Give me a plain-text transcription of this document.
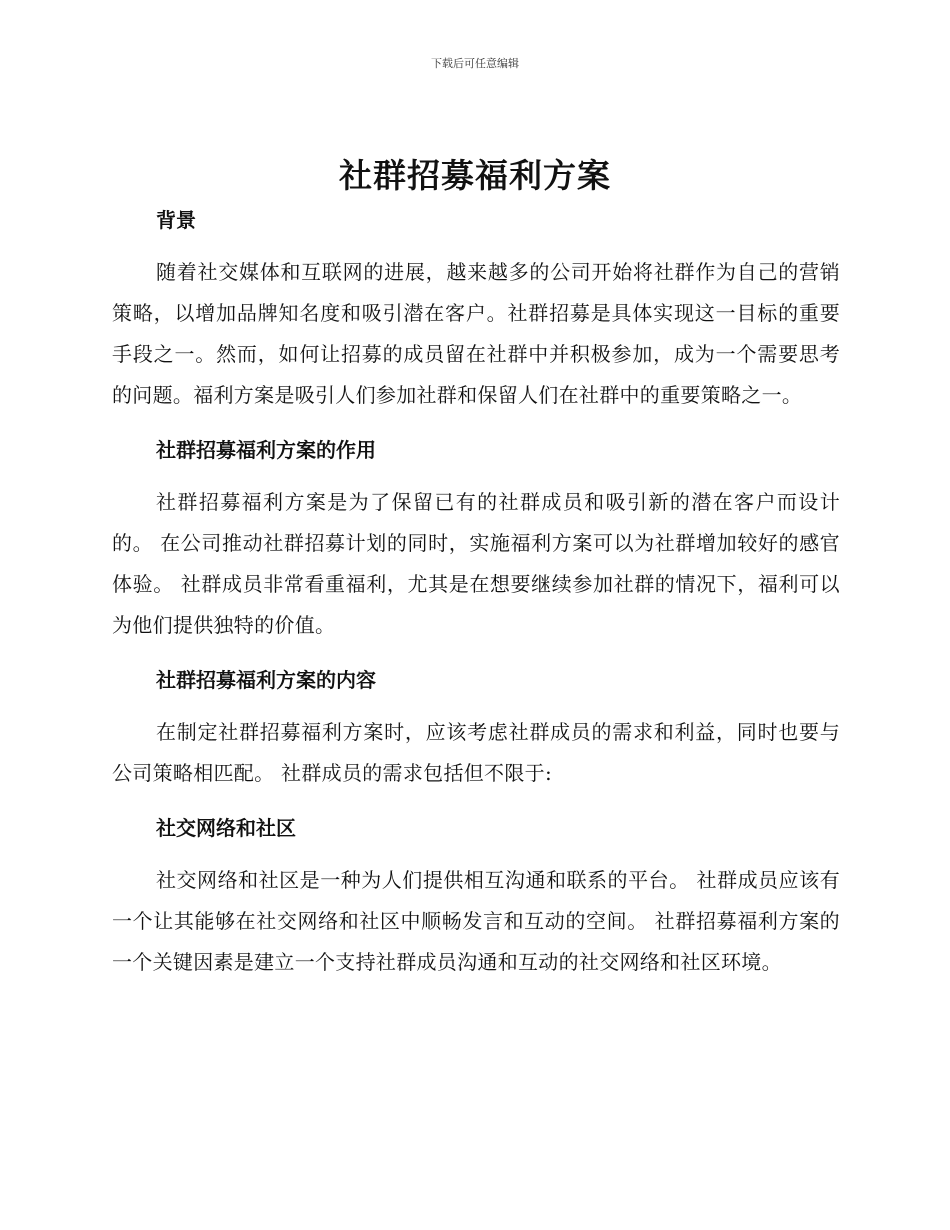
下载后可任意编辑
社群招募福利方案
背景

随着社交媒体和互联网的进展，越来越多的公司开始将社群作为自己的营销策略，以增加品牌知名度和吸引潜在客户。社群招募是具体实现这一目标的重要手段之一。然而，如何让招募的成员留在社群中并积极参加，成为一个需要思考的问题。福利方案是吸引人们参加社群和保留人们在社群中的重要策略之一。

社群招募福利方案的作用

社群招募福利方案是为了保留已有的社群成员和吸引新的潜在客户而设计的。 在公司推动社群招募计划的同时，实施福利方案可以为社群增加较好的感官体验。 社群成员非常看重福利，尤其是在想要继续参加社群的情况下，福利可以为他们提供独特的价值。

社群招募福利方案的内容

在制定社群招募福利方案时，应该考虑社群成员的需求和利益，同时也要与公司策略相匹配。 社群成员的需求包括但不限于:

社交网络和社区

社交网络和社区是一种为人们提供相互沟通和联系的平台。 社群成员应该有一个让其能够在社交网络和社区中顺畅发言和互动的空间。 社群招募福利方案的一个关键因素是建立一个支持社群成员沟通和互动的社交网络和社区环境。
